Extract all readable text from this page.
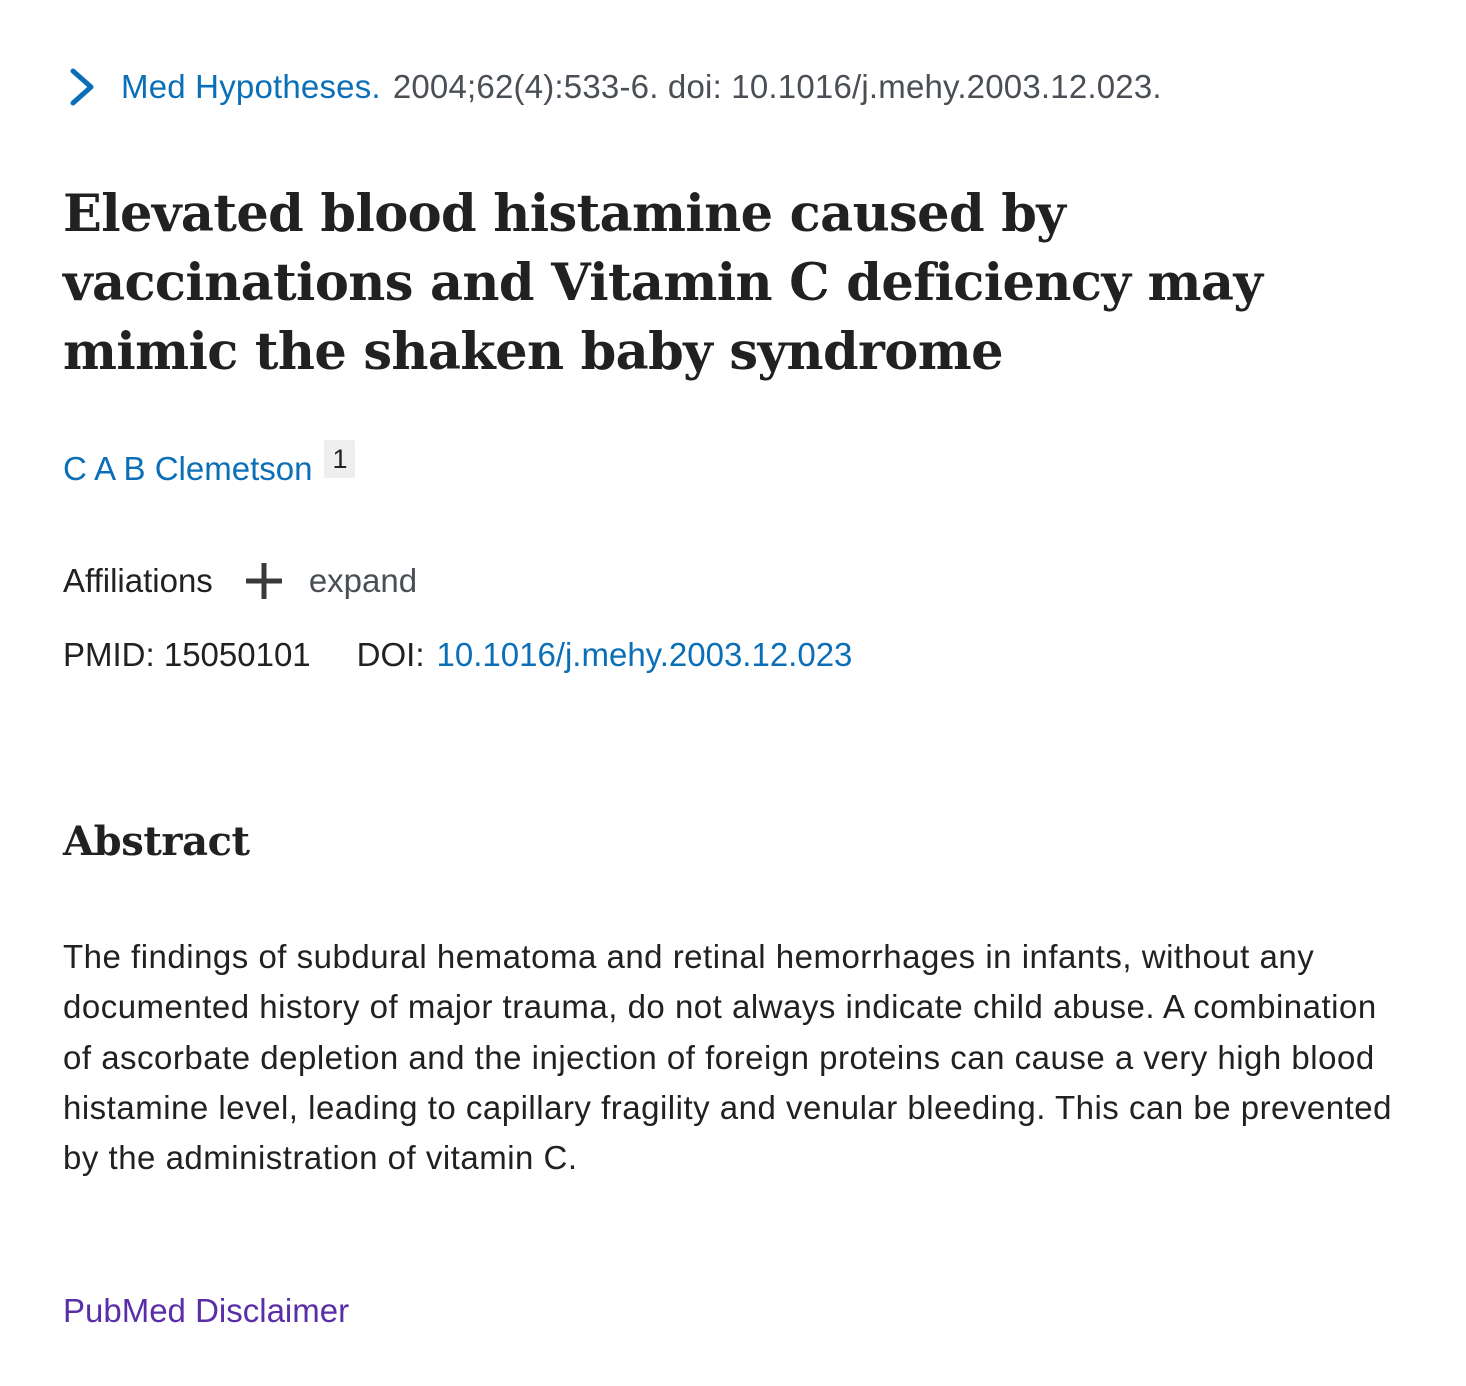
Med Hypotheses. 2004;62(4):533-6. doi: 10.1016/j.mehy.2003.12.023.
Elevated blood histamine caused by vaccinations and Vitamin C deficiency may mimic the shaken baby syndrome
C A B Clemetson 1
Affiliations	expand
PMID: 15050101 DOI: 10.1016/j.mehy.2003.12.023
Abstract

The findings of subdural hematoma and retinal hemorrhages in infants, without any documented history of major trauma, do not always indicate child abuse. A combination of ascorbate depletion and the injection of foreign proteins can cause a very high blood histamine level, leading to capillary fragility and venular bleeding. This can be prevented by the administration of vitamin C.

PubMed Disclaimer
